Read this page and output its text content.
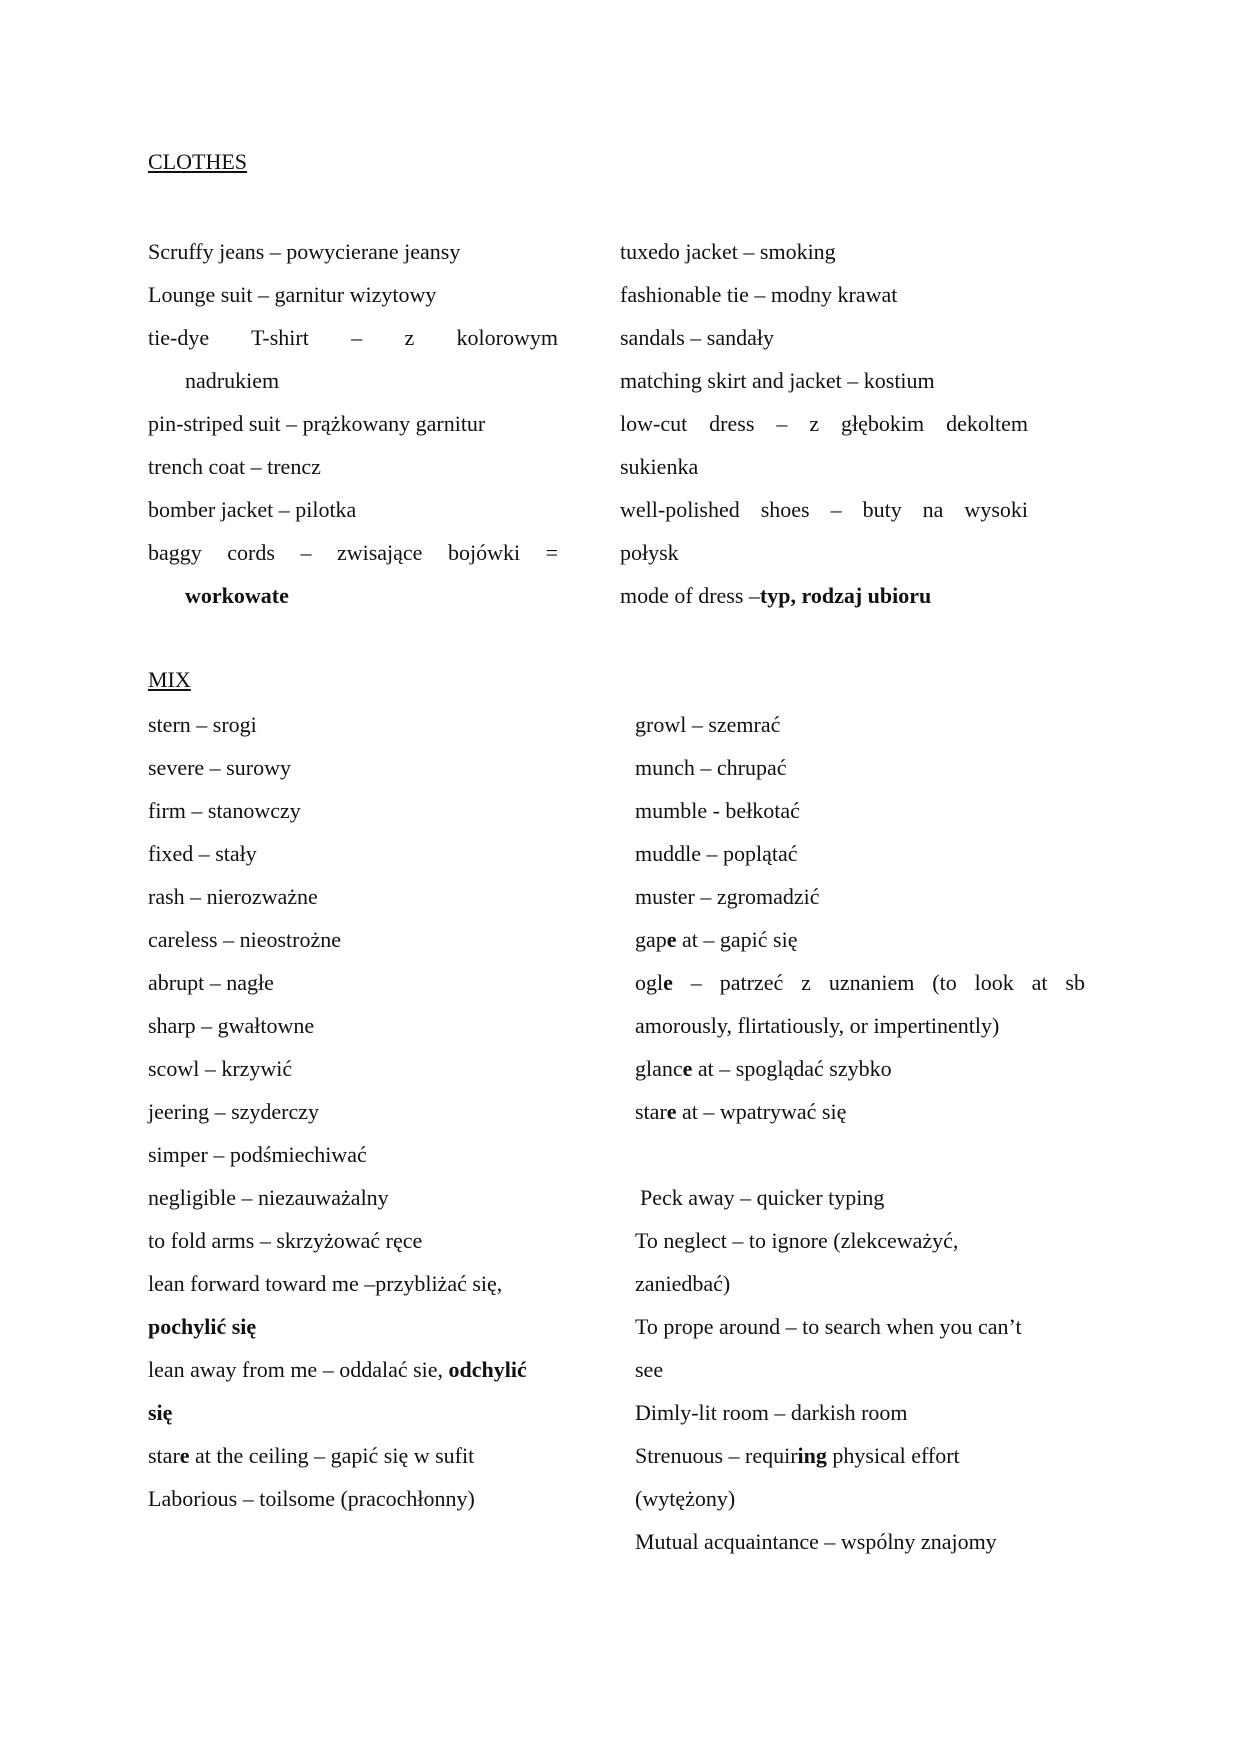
CLOTHES
Scruffy jeans – powycierane jeansy
Lounge suit – garnitur wizytowy
tie-dye T-shirt – z kolorowym
nadrukiem
pin-striped suit – prążkowany garnitur
trench coat – trencz
bomber jacket – pilotka
baggy cords – zwisające bojówki =
workowate
tuxedo jacket – smoking
fashionable tie – modny krawat
sandals – sandały
matching skirt and jacket – kostium
low-cut dress – z głębokim dekoltem
sukienka
well-polished shoes – buty na wysoki
połysk
mode of dress –typ, rodzaj ubioru
MIX
stern – srogi
severe – surowy
firm – stanowczy
fixed – stały
rash – nierozważne
careless – nieostrożne
abrupt – nagłe
sharp – gwałtowne
scowl – krzywić
jeering – szyderczy
simper – podśmiechiwać
negligible – niezauważalny
to fold arms – skrzyżować ręce
lean forward toward me –przybliżać się,
pochylić się
lean away from me – oddalać sie, odchylić
się
stare at the ceiling – gapić się w sufit
Laborious – toilsome (pracochłonny)
growl – szemrać
munch – chrupać
mumble - bełkotać
muddle – poplątać
muster – zgromadzić
gape at – gapić się
ogle – patrzeć z uznaniem (to look at sb
amorously, flirtatiously, or impertinently)
glance at – spoglądać szybko
stare at – wpatrywać się

Peck away – quicker typing
To neglect – to ignore (zlekceważyć,
zaniedbać)
To prope around – to search when you can’t
see
Dimly-lit room – darkish room
Strenuous – requiring physical effort
(wytężony)
Mutual acquaintance – wspólny znajomy
